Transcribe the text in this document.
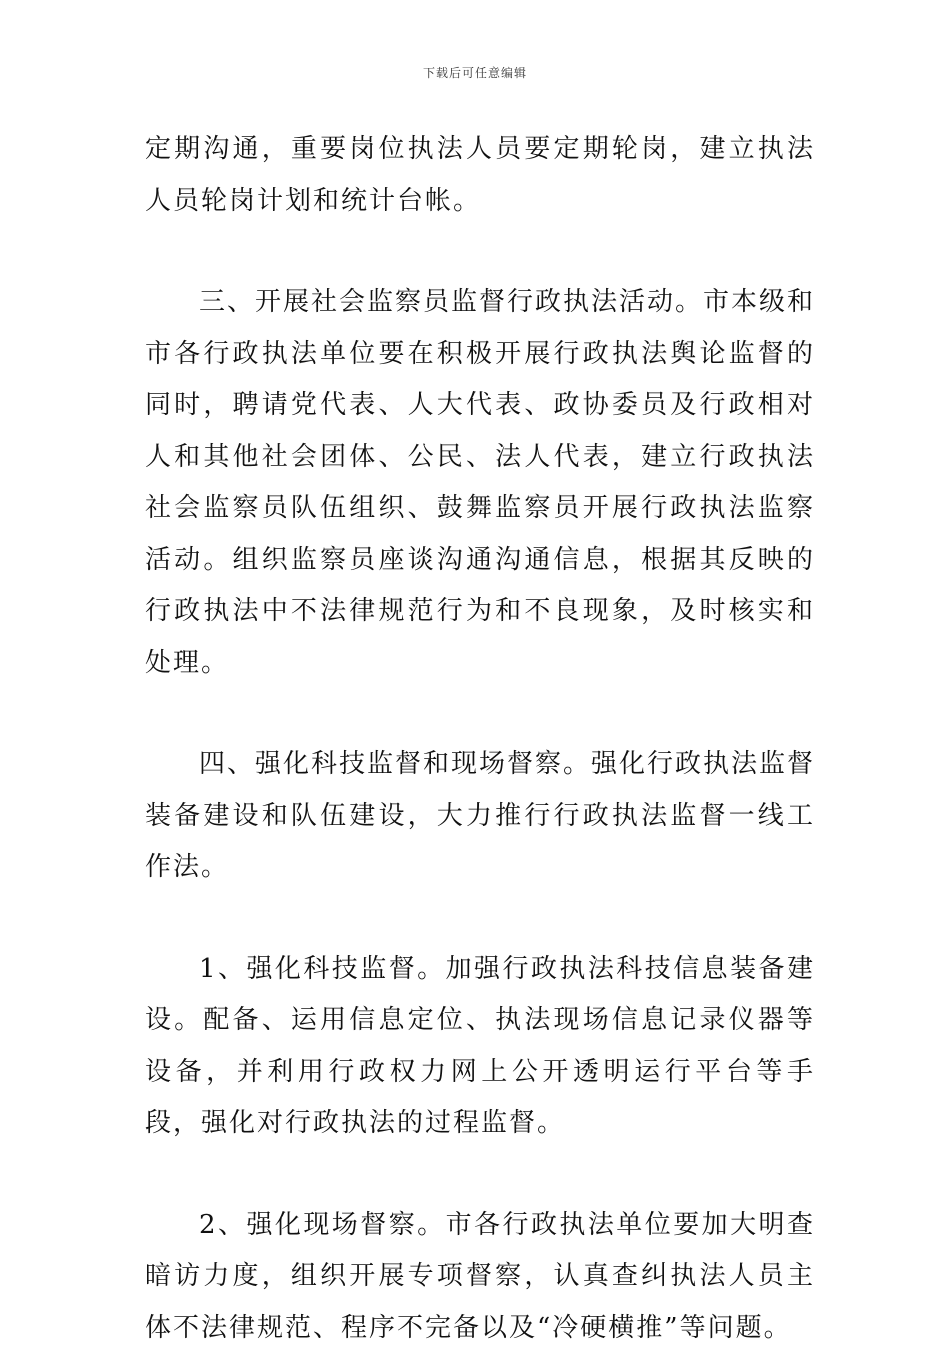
下载后可任意编辑

定期沟通，重要岗位执法人员要定期轮岗，建立执法人员轮岗计划和统计台帐。

三、开展社会监察员监督行政执法活动。市本级和市各行政执法单位要在积极开展行政执法舆论监督的同时，聘请党代表、人大代表、政协委员及行政相对人和其他社会团体、公民、法人代表，建立行政执法社会监察员队伍组织、鼓舞监察员开展行政执法监察活动。组织监察员座谈沟通沟通信息，根据其反映的行政执法中不法律规范行为和不良现象，及时核实和处理。

四、强化科技监督和现场督察。强化行政执法监督装备建设和队伍建设，大力推行行政执法监督一线工作法。

1、强化科技监督。加强行政执法科技信息装备建设。配备、运用信息定位、执法现场信息记录仪器等设备，并利用行政权力网上公开透明运行平台等手段，强化对行政执法的过程监督。

2、强化现场督察。市各行政执法单位要加大明查暗访力度，组织开展专项督察，认真查纠执法人员主体不法律规范、程序不完备以及“冷硬横推”等问题。
